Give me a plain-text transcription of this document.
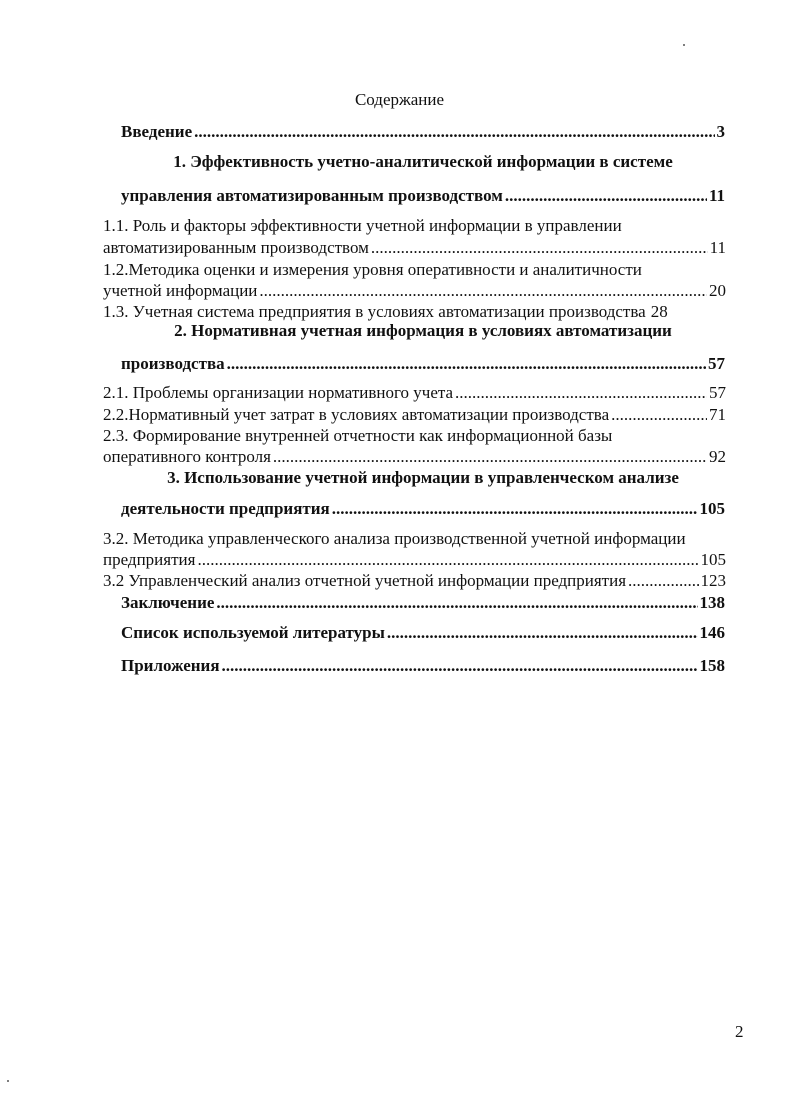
Содержание
Введение .....	3
1. Эффективность учетно-аналитической информации в системе
управления автоматизированным производством .....	11
1.1. Роль и факторы эффективности учетной информации в управлении
автоматизированным производством .....	11
1.2.Методика оценки и измерения уровня оперативности и аналитичности
учетной информации .....	20
1.3. Учетная система предприятия в условиях автоматизации производства 28
2. Нормативная учетная информация в условиях автоматизации
производства .....	57
2.1. Проблемы организации нормативного учета .....	57
2.2.Нормативный учет затрат в условиях автоматизации производства .....	71
2.3. Формирование внутренней отчетности как информационной базы
оперативного контроля .....	92
3. Использование учетной информации в управленческом анализе
деятельности предприятия .....	105
3.2. Методика управленческого анализа производственной учетной информации
предприятия .....	105
3.2 Управленческий анализ отчетной учетной информации предприятия .....	123
Заключение .....	138
Список используемой литературы .....	146
Приложения .....	158
2
